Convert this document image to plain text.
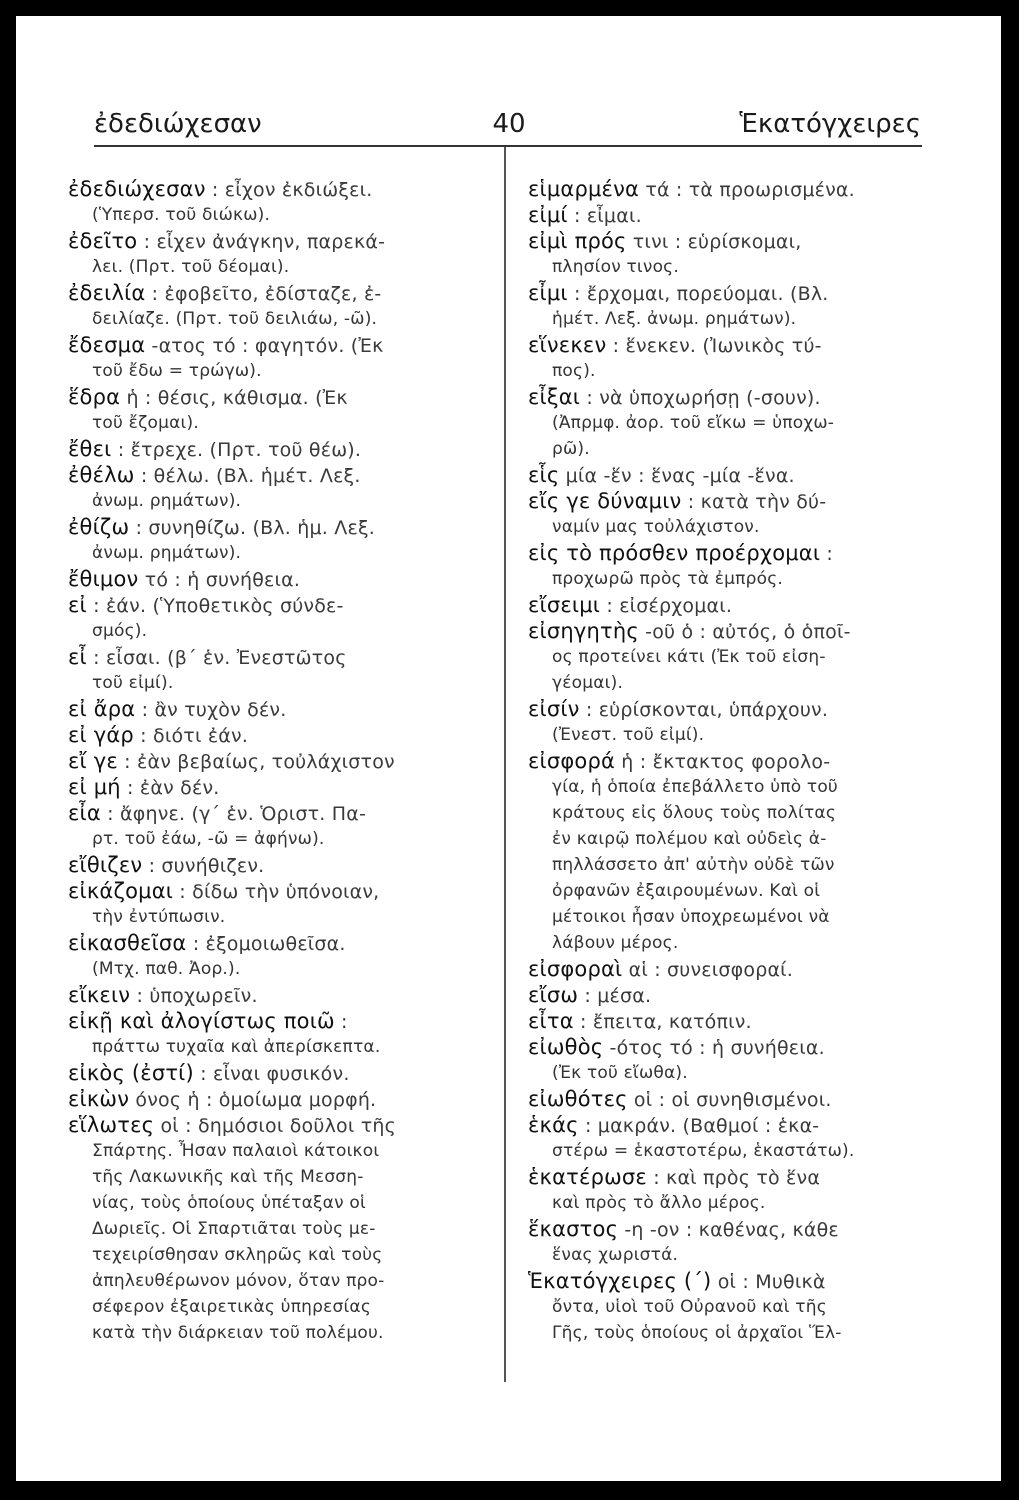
ἐδεδιώχεσαν	40	Ἑκατόγχειρες
ἐδεδιώχεσαν : εἶχον ἐκδιώξει.
(Ὑπερσ. τοῦ διώκω).
ἐδεῖτο : εἶχεν ἀνάγκην, παρεκά-
λει. (Πρτ. τοῦ δέομαι).
ἐδειλία : ἐφοβεῖτο, ἐδίσταζε, ἐ-
δειλίαζε. (Πρτ. τοῦ δειλιάω, -ῶ).
ἔδεσμα -ατος τό : φαγητόν. (Ἐκ
τοῦ ἔδω = τρώγω).
ἕδρα ἡ : θέσις, κάθισμα. (Ἐκ
τοῦ ἔζομαι).
ἔθει : ἔτρεχε. (Πρτ. τοῦ θέω).
ἐθέλω : θέλω. (Βλ. ἡμέτ. Λεξ.
ἀνωμ. ρημάτων).
ἐθίζω : συνηθίζω. (Βλ. ἡμ. Λεξ.
ἀνωμ. ρημάτων).
ἔθιμον τό : ἡ συνήθεια.
εἰ : ἐάν. (Ὑποθετικὸς σύνδε-
σμός).
εἶ : εἶσαι. (β΄ ἑν. Ἐνεστῶτος
τοῦ εἰμί).
εἰ ἄρα : ἂν τυχὸν δέν.
εἰ γάρ : διότι ἐάν.
εἴ γε : ἐὰν βεβαίως, τοὐλάχιστον
εἰ μή : ἐὰν δέν.
εἶα : ἄφηνε. (γ΄ ἑν. Ὁριστ. Πα-
ρτ. τοῦ ἐάω, -ῶ = ἀφήνω).
εἴθιζεν : συνήθιζεν.
εἰκάζομαι : δίδω τὴν ὑπόνοιαν,
τὴν ἐντύπωσιν.
εἰκασθεῖσα : ἐξομοιωθεῖσα.
(Μτχ. παθ. Ἀορ.).
εἴκειν : ὑποχωρεῖν.
εἰκῇ καὶ ἀλογίστως ποιῶ :
πράττω τυχαῖα καὶ ἀπερίσκεπτα.
εἰκὸς (ἐστί) : εἶναι φυσικόν.
εἰκὼν όνος ἡ : ὁμοίωμα μορφή.
εἵλωτες οἱ : δημόσιοι δοῦλοι τῆς
Σπάρτης. Ἦσαν παλαιοὶ κάτοικοι
τῆς Λακωνικῆς καὶ τῆς Μεσση-
νίας, τοὺς ὁποίους ὑπέταξαν οἱ
Δωριεῖς. Οἱ Σπαρτιᾶται τοὺς με-
τεχειρίσθησαν σκληρῶς καὶ τοὺς
ἀπηλευθέρωνον μόνον, ὅταν προ-
σέφερον ἐξαιρετικὰς ὑπηρεσίας
κατὰ τὴν διάρκειαν τοῦ πολέμου.
εἱμαρμένα τά : τὰ προωρισμένα.
εἰμί : εἶμαι.
εἰμὶ πρός τινι : εὑρίσκομαι,
πλησίον τινος.
εἶμι : ἔρχομαι, πορεύομαι. (Βλ.
ἡμέτ. Λεξ. ἀνωμ. ρημάτων).
εἵνεκεν : ἕνεκεν. (Ἰωνικὸς τύ-
πος).
εἶξαι : νὰ ὑποχωρήσῃ (-σουν).
(Ἀπρμφ. ἀορ. τοῦ εἴκω = ὑποχω-
ρῶ).
εἷς μία -ἕν : ἕνας -μία -ἕνα.
εἴς γε δύναμιν : κατὰ τὴν δύ-
ναμίν μας τοὐλάχιστον.
εἰς τὸ πρόσθεν προέρχομαι :
προχωρῶ πρὸς τὰ ἐμπρός.
εἴσειμι : εἰσέρχομαι.
εἰσηγητὴς -οῦ ὁ : αὐτός, ὁ ὁποῖ-
ος προτείνει κάτι (Ἐκ τοῦ εἰση-
γέομαι).
εἰσίν : εὑρίσκονται, ὑπάρχουν.
(Ἐνεστ. τοῦ εἰμί).
εἰσφορά ἡ : ἔκτακτος φορολο-
γία, ἡ ὁποία ἐπεβάλλετο ὑπὸ τοῦ
κράτους εἰς ὅλους τοὺς πολίτας
ἐν καιρῷ πολέμου καὶ οὐδεὶς ἀ-
πηλλάσσετο ἀπ' αὐτὴν οὐδὲ τῶν
ὀρφανῶν ἐξαιρουμένων. Καὶ οἱ
μέτοικοι ἦσαν ὑποχρεωμένοι νὰ
λάβουν μέρος.
εἰσφοραὶ αἱ : συνεισφοραί.
εἴσω : μέσα.
εἶτα : ἔπειτα, κατόπιν.
εἰωθὸς -ότος τό : ἡ συνήθεια.
(Ἐκ τοῦ εἴωθα).
εἰωθότες οἱ : οἱ συνηθισμένοι.
ἑκάς : μακράν. (Βαθμοί : ἑκα-
στέρω = ἑκαστοτέρω, ἑκαστάτω).
ἑκατέρωσε : καὶ πρὸς τὸ ἕνα
καὶ πρὸς τὸ ἄλλο μέρος.
ἕκαστος -η -ον : καθένας, κάθε
ἕνας χωριστά.
Ἑκατόγχειρες (΄) οἱ : Μυθικὰ
ὄντα, υἱοὶ τοῦ Οὐρανοῦ καὶ τῆς
Γῆς, τοὺς ὁποίους οἱ ἀρχαῖοι Ἕλ-
